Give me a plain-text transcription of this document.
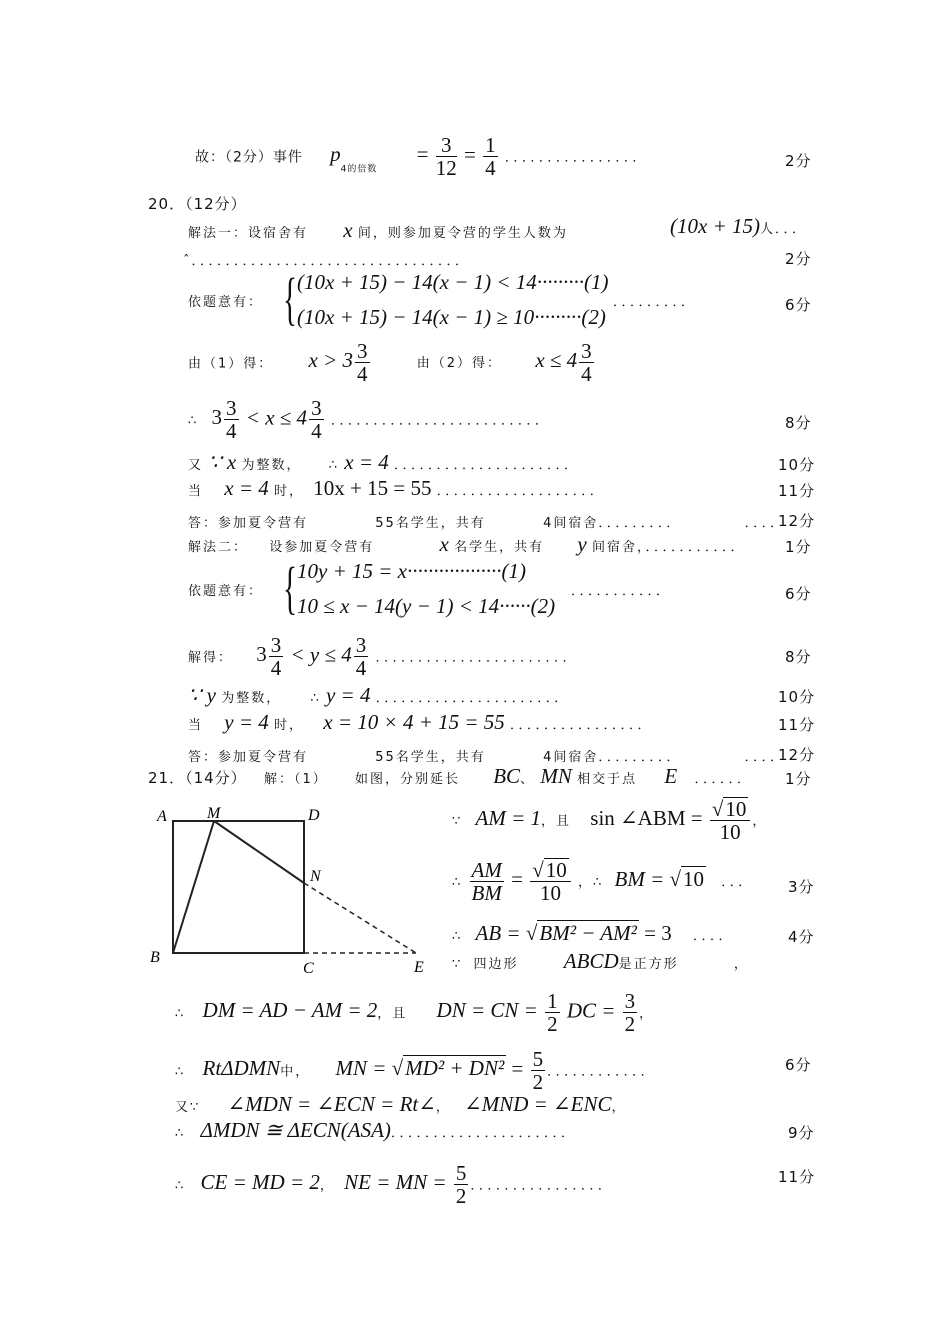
故：（2分）事件 $p_{4的倍数} = \frac{3}{12} = \frac{1}{4}$ ．．．．．．．．．．．．．．．．	2分
20．（12分）
解法一：设宿舍有 x 间，则参加夏令营的学生人数为	(10x + 15)人．．．
ˆ．．．．．．．．．．．．．．．．．．．．．．．．．．．．．．．．	2分
依题意有： { (10x + 15) − 14(x − 1) < 14·········(1)
(10x + 15) − 14(x − 1) ≥ 10·········(2)
．．．．．．．．．	6分
由（1）得： $x > 3 \frac{3}{4}$	由（2）得： $x \le 4 \frac{3}{4}$
∴ $3 \frac{3}{4} < x \le 4 \frac{3}{4}$ ．．．．．．．．．．．．．．．．．．．．．．．．．	8分
又 ∵ x 为整数， ∴ x = 4 ．．．．．．．．．．．．．．．．．．．．．	10分
当 x = 4 时， 10x + 15 = 55 ．．．．．．．．．．．．．．．．．．．	11分
答：参加夏令营有	55名学生，共有	4间宿舍．．．．．．．．．	．．．．
12分
解法二： 设参加夏令营有	x 名学生，共有 y 间宿舍，．．．．．．．．．．．	1分
依题意有： { 10y + 15 = x··················(1)
10 ≤ x − 14(y − 1) < 14······(2)
．．．．．．．．．．．	6分
解得： $3 \frac{3}{4} < y \le 4 \frac{3}{4}$ ．．．．．．．．．．．．．．．．．．．．．．．	8分
∵ y 为整数， ∴ y = 4 ．．．．．．．．．．．．．．．．．．．．．．	10分
当 y = 4 时， x = 10 × 4 + 15 = 55 ．．．．．．．．．．．．．．．．	11分
答：参加夏令营有	55名学生，共有	4间宿舍．．．．．．．．．	．．．．
12分
21．（14分） 解：（1） 如图，分别延长 BC、 MN 相交于点 E ．．．．．． 1分
A	M	D
N
B
C	E
∵ AM = 1，且 sin ∠ABM = $\frac{√10}{10}$ ，
∴ $\frac{AM}{BM} = \frac{√10}{10}$ ，∴ BM = √10 ．．． 3分
∴ AB = √BM² − AM² = 3 ．．．．	4分
∵ 四边形 ABCD是正方形	，
∴ DM = AD − AM = 2，且 DN = CN = $\frac{1}{2}$ DC = $\frac{3}{2}$ ，
∴ RtΔDMN中， MN = $√MD^2 + DN^2 = \frac{5}{2}$ ．．．．．．．．．．．．	6分
又∵ ∠MDN = ∠ECN = Rt∠， ∠MND = ∠ENC，
∴ ΔMDN ≅ ΔECN(ASA)．．．．．．．．．．．．．．．．．．．．．	9分
∴ CE = MD = 2， NE = MN = $\frac{5}{2}$ ．．．．．．．．．．．．．．．．	11分
